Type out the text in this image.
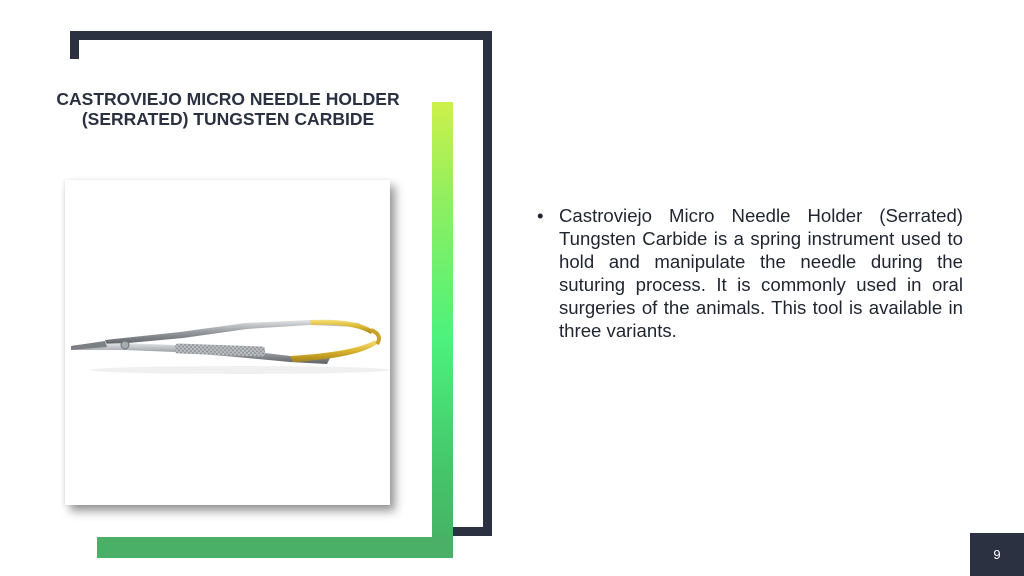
CASTROVIEJO MICRO NEEDLE HOLDER (SERRATED) TUNGSTEN CARBIDE
• Castroviejo Micro Needle Holder (Serrated) Tungsten Carbide is a spring instrument used to hold and manipulate the needle during the suturing process. It is commonly used in oral surgeries of the animals. This tool is available in three variants.
9
